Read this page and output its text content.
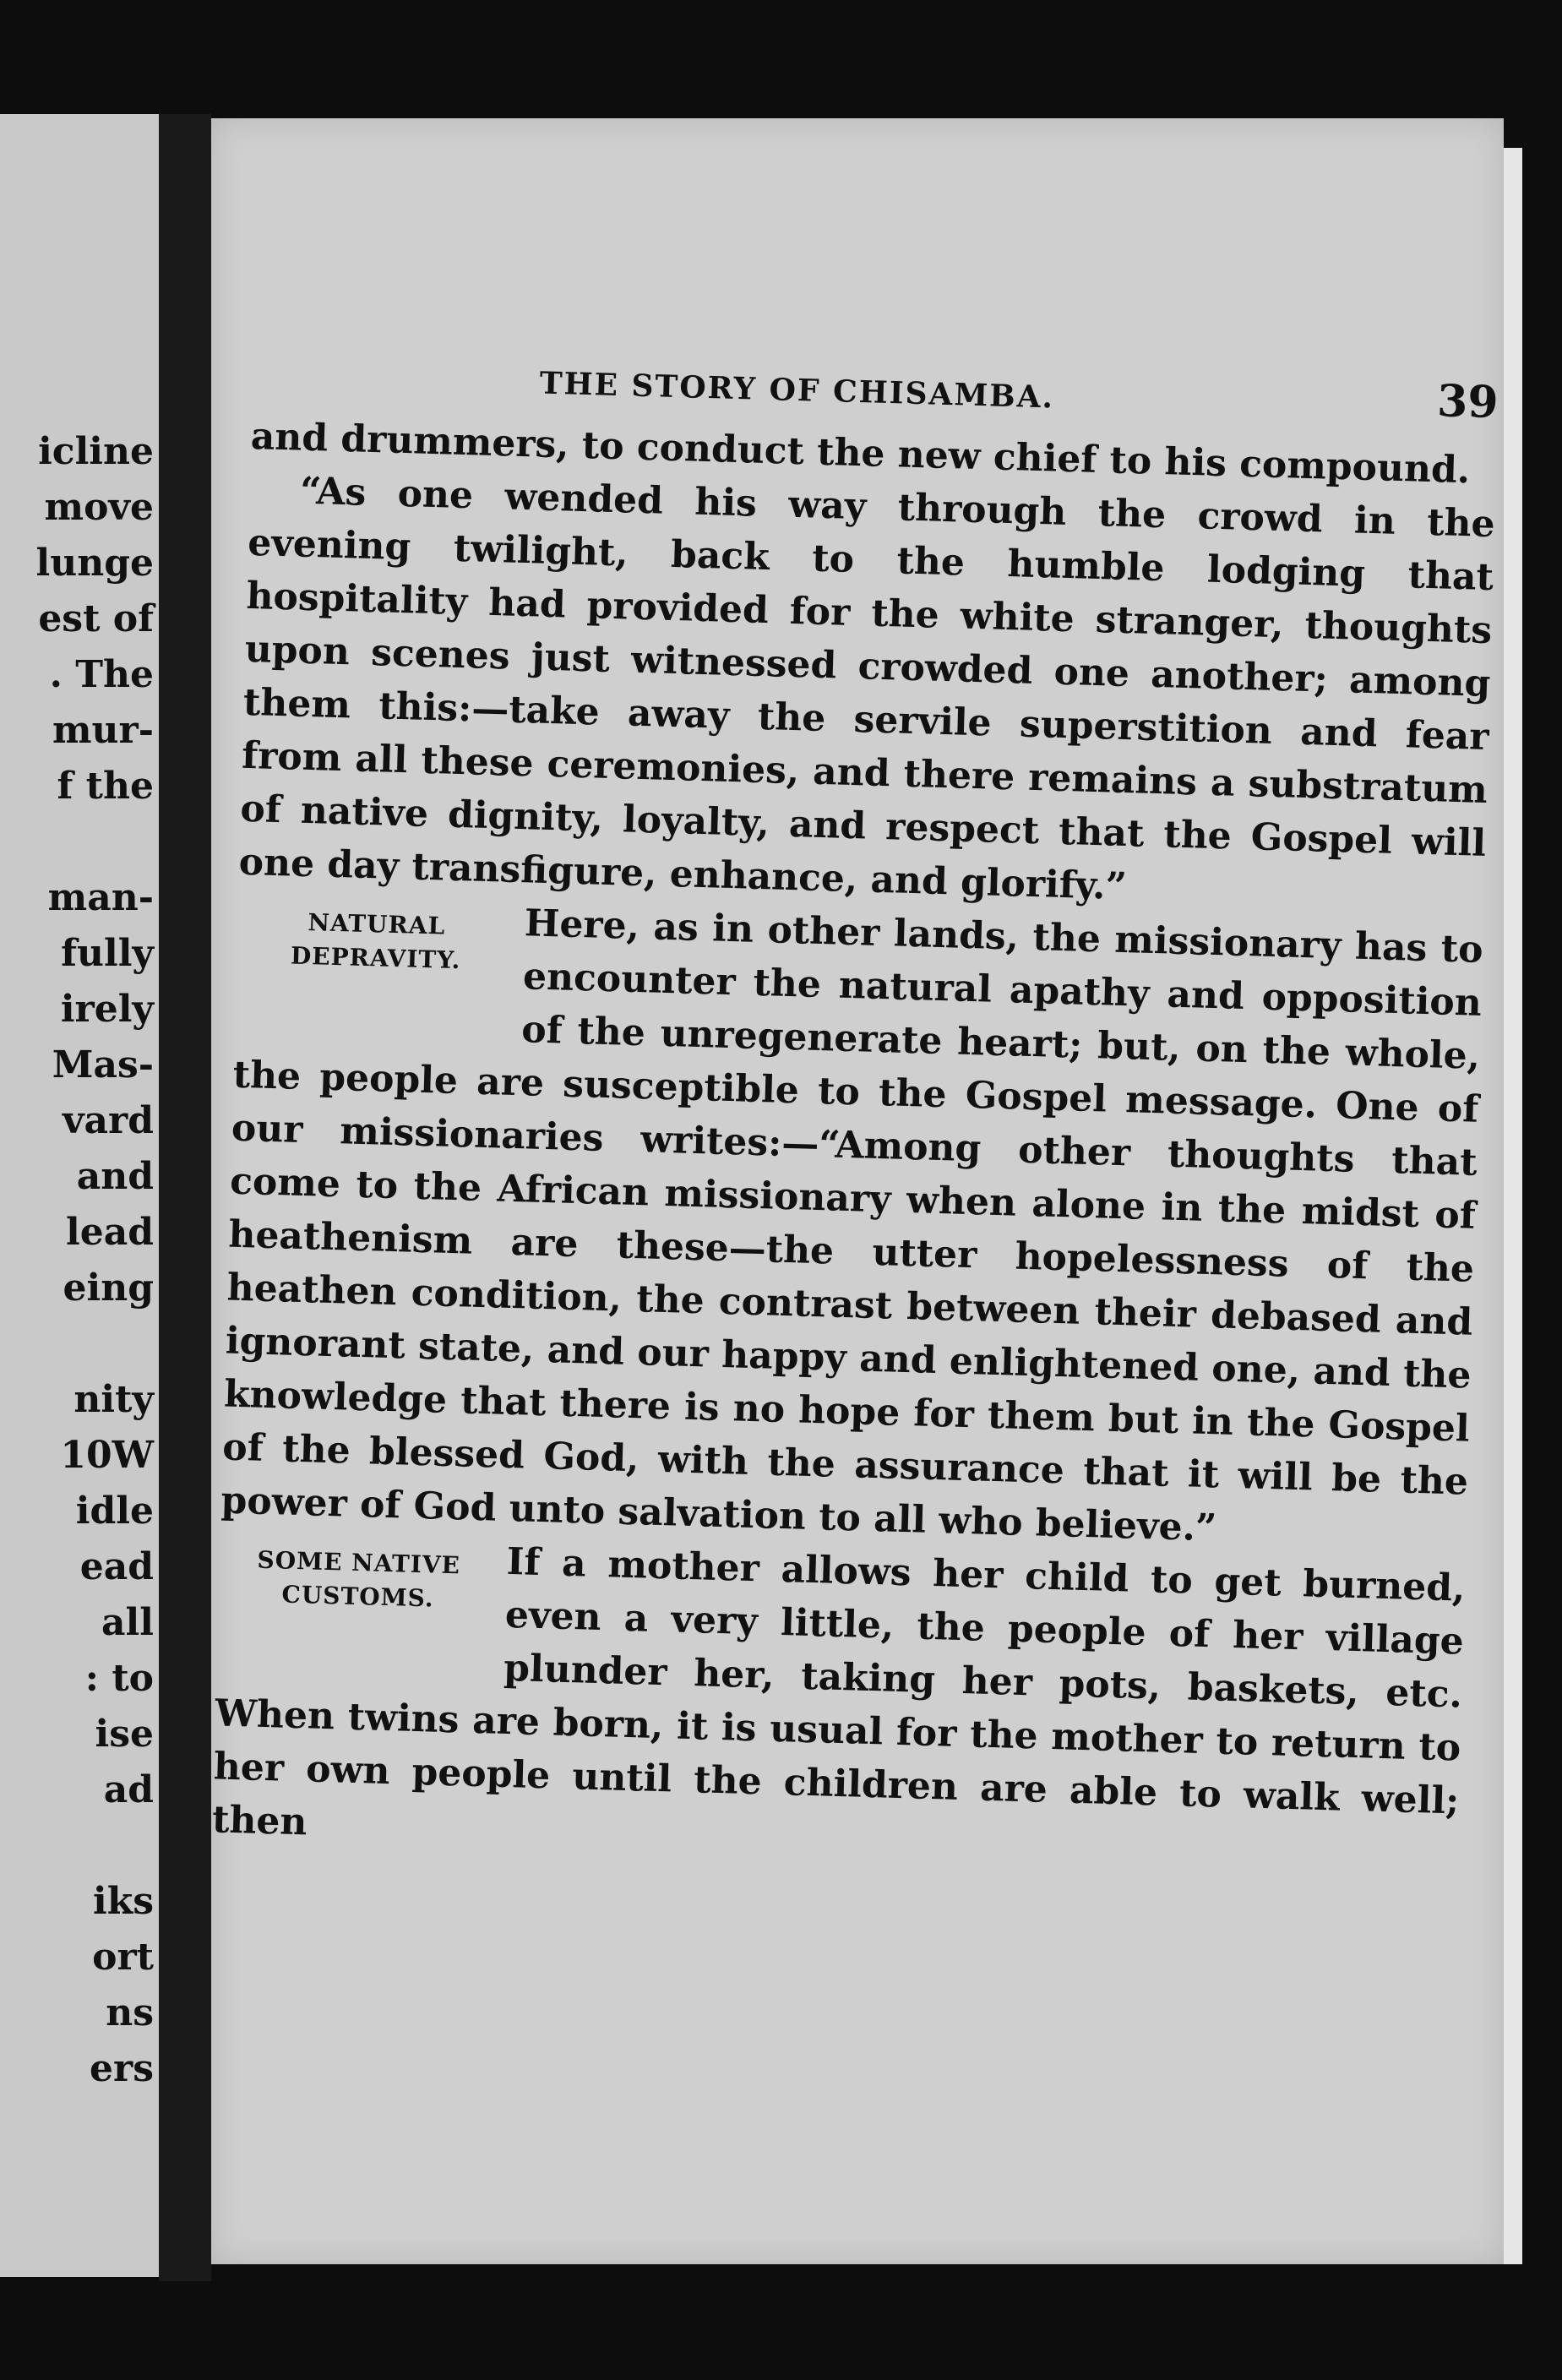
icline
move
lunge
est of
. The
mur-
f the
man-
fully
irely
Mas-
vard
and
lead
eing
nity
10W
idle
ead
all
: to
ise
ad
iks
ort
ns
ers
THE STORY OF CHISAMBA.	39

and drummers, to conduct the new chief to his compound.

“As one wended his way through the crowd in the evening twilight, back to the humble lodging that hospitality had provided for the white stranger, thoughts upon scenes just witnessed crowded one another; among them this:—take away the servile superstition and fear from all these ceremonies, and there remains a substratum of native dignity, loyalty, and respect that the Gospel will one day transfigure, enhance, and glorify.”

NATURAL
DEPRAVITY.	Here, as in other lands, the missionary has to encounter the natural apathy and opposition of the unregenerate heart; but, on the whole, the people are susceptible to the Gospel message. One of our missionaries writes:—“Among other thoughts that come to the African missionary when alone in the midst of heathenism are these—the utter hopelessness of the heathen condition, the contrast between their debased and ignorant state, and our happy and enlightened one, and the knowledge that there is no hope for them but in the Gospel of the blessed God, with the assurance that it will be the power of God unto salvation to all who believe.”

SOME NATIVE
CUSTOMS.	If a mother allows her child to get burned, even a very little, the people of her village plunder her, taking her pots, baskets, etc. When twins are born, it is usual for the mother to return to her own people until the children are able to walk well; then
